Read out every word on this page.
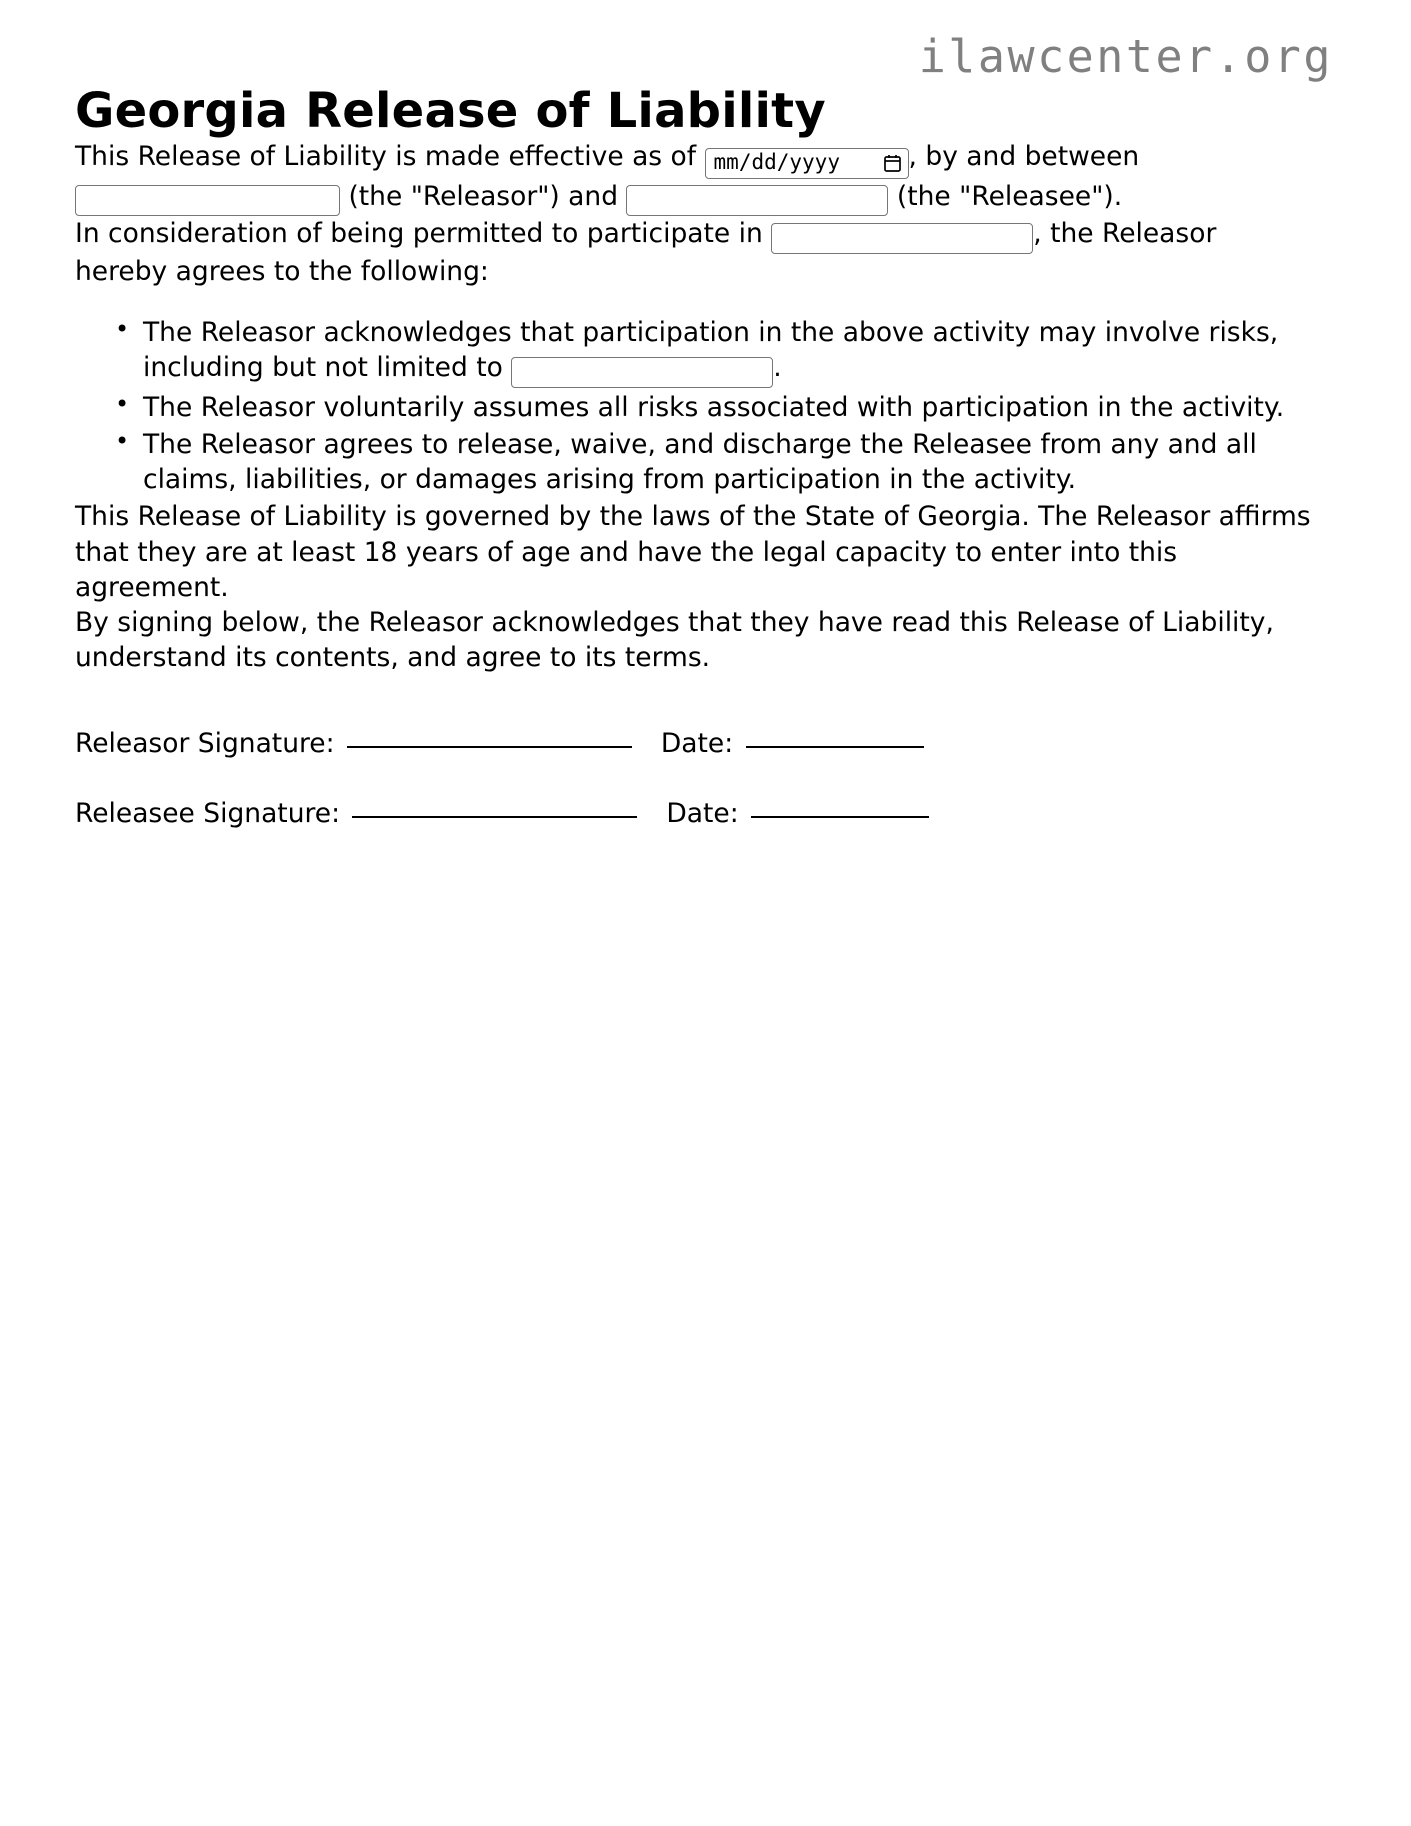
ilawcenter.org
Georgia Release of Liability

This Release of Liability is made effective as of mm/dd/yyyy	, by and between
(the "Releasor") and	(the "Releasee").

In consideration of being permitted to participate in	, the Releasor
hereby agrees to the following:

• The Releasor acknowledges that participation in the above activity may involve risks, including but not limited to	.
• The Releasor voluntarily assumes all risks associated with participation in the activity.
• The Releasor agrees to release, waive, and discharge the Releasee from any and all claims, liabilities, or damages arising from participation in the activity.

This Release of Liability is governed by the laws of the State of Georgia. The Releasor affirms that they are at least 18 years of age and have the legal capacity to enter into this agreement.

By signing below, the Releasor acknowledges that they have read this Release of Liability, understand its contents, and agree to its terms.

Releasor Signature:	Date:
Releasee Signature:	Date:
